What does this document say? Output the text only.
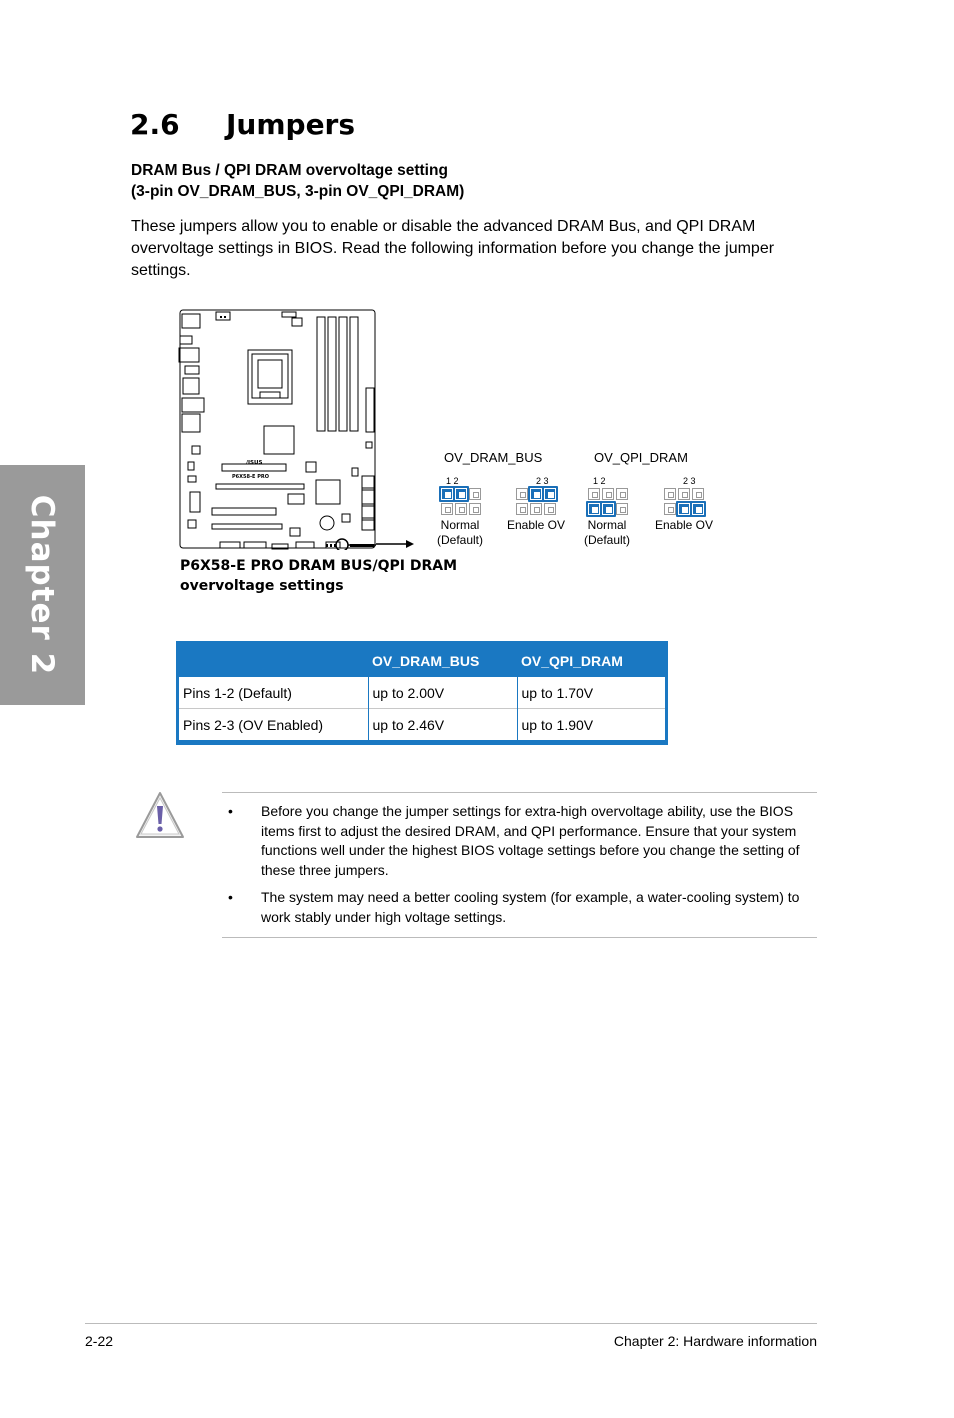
Chapter 2
2.6 Jumpers
DRAM Bus / QPI DRAM overvoltage setting
(3-pin OV_DRAM_BUS, 3-pin OV_QPI_DRAM)
These jumpers allow you to enable or disable the advanced DRAM Bus, and QPI DRAM overvoltage settings in BIOS. Read the following information before you change the jumper settings.
/ISUS
P6X58-E PRO
P6X58-E PRO DRAM BUS/QPI DRAM
overvoltage settings
OV_DRAM_BUS	OV_QPI_DRAM
1 2	2 3	1 2	2 3
Normal
(Default)
Enable OV	Normal
(Default)
Enable OV
	OV_DRAM_BUS	OV_QPI_DRAM
Pins 1-2 (Default)	up to 2.00V	up to 1.70V
Pins 2-3 (OV Enabled)	up to 2.46V	up to 1.90V
• Before you change the jumper settings for extra-high overvoltage ability, use the BIOS items first to adjust the desired DRAM, and QPI performance. Ensure that your system functions well under the highest BIOS voltage settings before you change the setting of these three jumpers.
• The system may need a better cooling system (for example, a water-cooling system) to work stably under high voltage settings.
2-22	Chapter 2: Hardware information
